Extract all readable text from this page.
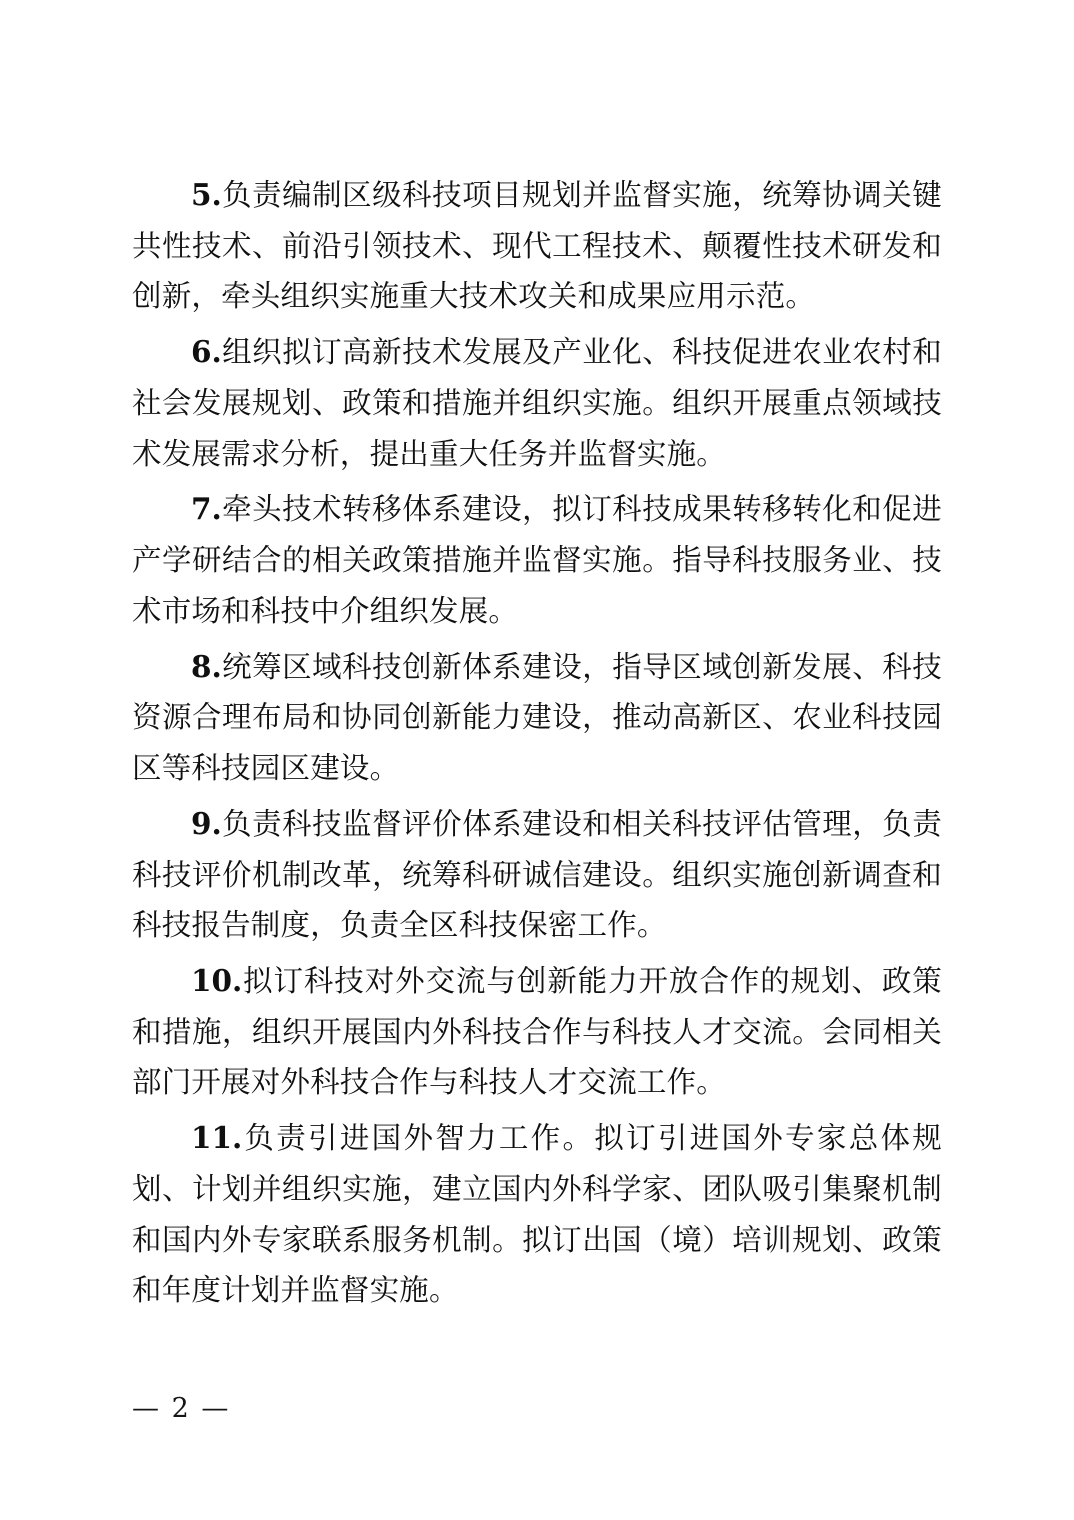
5.负责编制区级科技项目规划并监督实施，统筹协调关键共性技术、前沿引领技术、现代工程技术、颠覆性技术研发和创新，牵头组织实施重大技术攻关和成果应用示范。

6.组织拟订高新技术发展及产业化、科技促进农业农村和社会发展规划、政策和措施并组织实施。组织开展重点领域技术发展需求分析，提出重大任务并监督实施。

7.牵头技术转移体系建设，拟订科技成果转移转化和促进产学研结合的相关政策措施并监督实施。指导科技服务业、技术市场和科技中介组织发展。

8.统筹区域科技创新体系建设，指导区域创新发展、科技资源合理布局和协同创新能力建设，推动高新区、农业科技园区等科技园区建设。

9.负责科技监督评价体系建设和相关科技评估管理，负责科技评价机制改革，统筹科研诚信建设。组织实施创新调查和科技报告制度，负责全区科技保密工作。

10.拟订科技对外交流与创新能力开放合作的规划、政策和措施，组织开展国内外科技合作与科技人才交流。会同相关部门开展对外科技合作与科技人才交流工作。

11.负责引进国外智力工作。拟订引进国外专家总体规划、计划并组织实施，建立国内外科学家、团队吸引集聚机制和国内外专家联系服务机制。拟订出国（境）培训规划、政策和年度计划并监督实施。

— 2 —
